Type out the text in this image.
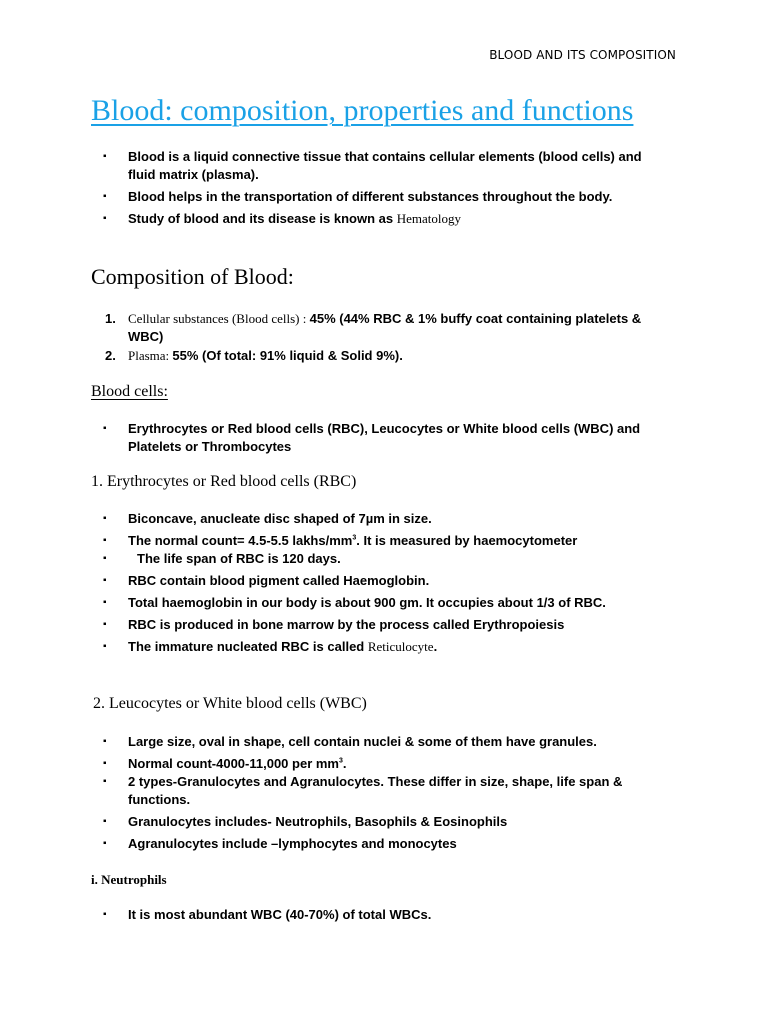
BLOOD AND ITS COMPOSITION
Blood: composition, properties and functions
▪ Blood is a liquid connective tissue that contains cellular elements (blood cells) and fluid matrix (plasma).
▪ Blood helps in the transportation of different substances throughout the body.
▪ Study of blood and its disease is known as Hematology
Composition of Blood:
1. Cellular substances (Blood cells) : 45% (44% RBC & 1% buffy coat containing platelets & WBC)
2. Plasma: 55% (Of total: 91% liquid & Solid 9%).
Blood cells:
▪ Erythrocytes or Red blood cells (RBC), Leucocytes or White blood cells (WBC) and Platelets or Thrombocytes
1. Erythrocytes or Red blood cells (RBC)
▪ Biconcave, anucleate disc shaped of 7µm in size.
▪ The normal count= 4.5-5.5 lakhs/$mm^3$. It is measured by haemocytometer
▪ The life span of RBC is 120 days.
▪ RBC contain blood pigment called Haemoglobin.
▪ Total haemoglobin in our body is about 900 gm. It occupies about 1/3 of RBC.
▪ RBC is produced in bone marrow by the process called Erythropoiesis
▪ The immature nucleated RBC is called Reticulocyte.
2. Leucocytes or White blood cells (WBC)
▪ Large size, oval in shape, cell contain nuclei & some of them have granules.
▪ Normal count-4000-11,000 per $mm^3$.
▪ 2 types-Granulocytes and Agranulocytes. These differ in size, shape, life span & functions.
▪ Granulocytes includes- Neutrophils, Basophils & Eosinophils
▪ Agranulocytes include –lymphocytes and monocytes
i. Neutrophils
▪ It is most abundant WBC (40-70%) of total WBCs.
